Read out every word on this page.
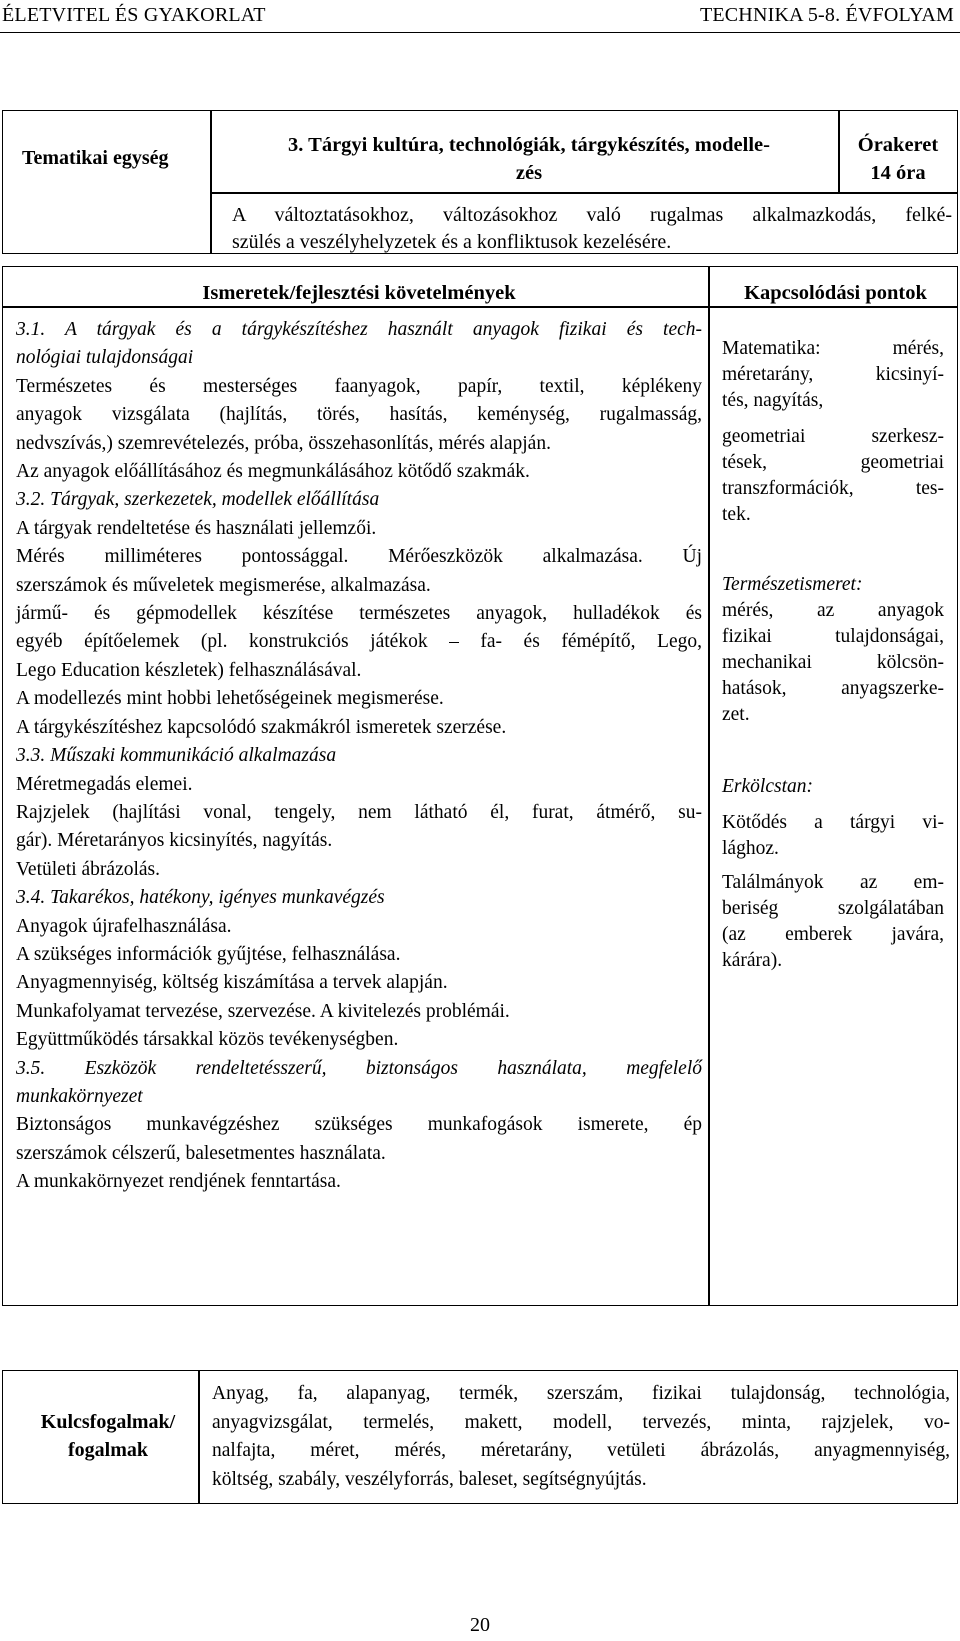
ÉLETVITEL ÉS GYAKORLAT	TECHNIKA 5-8. ÉVFOLYAM
Tematikai egység
3. Tárgyi kultúra, technológiák, tárgykészítés, modelle-
zés
Órakeret
14 óra
A változtatásokhoz, változásokhoz való rugalmas alkalmazkodás, felké-
szülés a veszélyhelyzetek és a konfliktusok kezelésére.
Ismeretek/fejlesztési követelmények	Kapcsolódási pontok
3.1. A tárgyak és a tárgykészítéshez használt anyagok fizikai és tech-
nológiai tulajdonságai
Természetes és mesterséges faanyagok, papír, textil, képlékeny
anyagok vizsgálata (hajlítás, törés, hasítás, keménység, rugalmasság,
nedvszívás,) szemrevételezés, próba, összehasonlítás, mérés alapján.
Az anyagok előállításához és megmunkálásához kötődő szakmák.
3.2. Tárgyak, szerkezetek, modellek előállítása
A tárgyak rendeltetése és használati jellemzői.
Mérés milliméteres pontossággal. Mérőeszközök alkalmazása. Új
szerszámok és műveletek megismerése, alkalmazása.
jármű- és gépmodellek készítése természetes anyagok, hulladékok és
egyéb építőelemek (pl. konstrukciós játékok – fa- és fémépítő, Lego,
Lego Education készletek) felhasználásával.
A modellezés mint hobbi lehetőségeinek megismerése.
A tárgykészítéshez kapcsolódó szakmákról ismeretek szerzése.
3.3. Műszaki kommunikáció alkalmazása
Méretmegadás elemei.
Rajzjelek (hajlítási vonal, tengely, nem látható él, furat, átmérő, su-
gár). Méretarányos kicsinyítés, nagyítás.
Vetületi ábrázolás.
3.4. Takarékos, hatékony, igényes munkavégzés
Anyagok újrafelhasználása.
A szükséges információk gyűjtése, felhasználása.
Anyagmennyiség, költség kiszámítása a tervek alapján.
Munkafolyamat tervezése, szervezése. A kivitelezés problémái.
Együttműködés társakkal közös tevékenységben.
3.5. Eszközök rendeltetésszerű, biztonságos használata, megfelelő
munkakörnyezet
Biztonságos munkavégzéshez szükséges munkafogások ismerete, ép
szerszámok célszerű, balesetmentes használata.
A munkakörnyezet rendjének fenntartása.
Matematika: mérés,
méretarány, kicsinyí-
tés, nagyítás,
geometriai szerkesz-
tések, geometriai
transzformációk, tes-
tek.
Természetismeret:
mérés, az anyagok
fizikai tulajdonságai,
mechanikai kölcsön-
hatások, anyagszerke-
zet.
Erkölcstan:
Kötődés a tárgyi vi-
lághoz.
Találmányok az em-
beriség szolgálatában
(az emberek javára,
kárára).
Kulcsfogalmak/
fogalmak
Anyag, fa, alapanyag, termék, szerszám, fizikai tulajdonság, technológia,
anyagvizsgálat, termelés, makett, modell, tervezés, minta, rajzjelek, vo-
nalfajta, méret, mérés, méretarány, vetületi ábrázolás, anyagmennyiség,
költség, szabály, veszélyforrás, baleset, segítségnyújtás.
20
